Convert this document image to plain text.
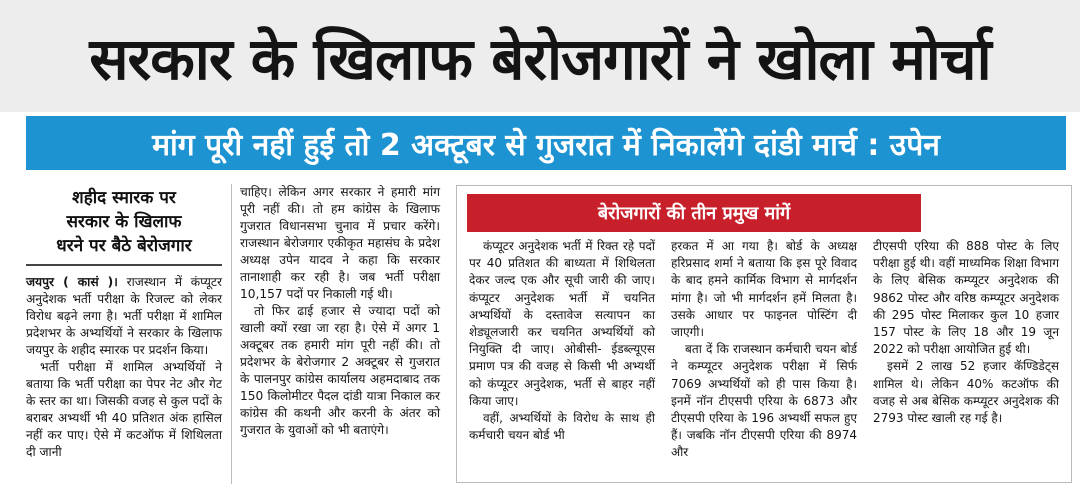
सरकार के खिलाफ बेरोजगारों ने खोला मोर्चा
मांग पूरी नहीं हुई तो 2 अक्टूबर से गुजरात में निकालेंगे दांडी मार्च : उपेन
शहीद स्मारक पर
सरकार के खिलाफ
धरने पर बैठे बेरोजगार

जयपुर ( कासं )। राजस्थान में कंप्यूटर अनुदेशक भर्ती परीक्षा के रिजल्ट को लेकर विरोध बढ़ने लगा है। भर्ती परीक्षा में शामिल प्रदेशभर के अभ्यर्थियों ने सरकार के खिलाफ जयपुर के शहीद स्मारक पर प्रदर्शन किया।

भर्ती परीक्षा में शामिल अभ्यर्थियों ने बताया कि भर्ती परीक्षा का पेपर नेट और गेट के स्तर का था। जिसकी वजह से कुल पदों के बराबर अभ्यर्थी भी 40 प्रतिशत अंक हासिल नहीं कर पाए। ऐसे में कटऑफ में शिथिलता दी जानी

चाहिए। लेकिन अगर सरकार ने हमारी मांग पूरी नहीं की। तो हम कांग्रेस के खिलाफ गुजरात विधानसभा चुनाव में प्रचार करेंगे। राजस्थान बेरोजगार एकीकृत महासंघ के प्रदेश अध्यक्ष उपेन यादव ने कहा कि सरकार तानाशाही कर रही है। जब भर्ती परीक्षा 10,157 पदों पर निकाली गई थी।

तो फिर ढाई हजार से ज्यादा पदों को खाली क्यों रखा जा रहा है। ऐसे में अगर 1 अक्टूबर तक हमारी मांग पूरी नहीं की। तो प्रदेशभर के बेरोजगार 2 अक्टूबर से गुजरात के पालनपुर कांग्रेस कार्यालय अहमदाबाद तक 150 किलोमीटर पैदल दांडी यात्रा निकाल कर कांग्रेस की कथनी और करनी के अंतर को गुजरात के युवाओं को भी बताएंगे।

बेरोजगारों की तीन प्रमुख मांगें

कंप्यूटर अनुदेशक भर्ती में रिक्त रहे पदों पर 40 प्रतिशत की बाध्यता में शिथिलता देकर जल्द एक और सूची जारी की जाए। कंप्यूटर अनुदेशक भर्ती में चयनित अभ्यर्थियों के दस्तावेज सत्यापन का शेड्यूलजारी कर चयनित अभ्यर्थियों को नियुक्ति दी जाए। ओबीसी- ईडब्ल्यूएस प्रमाण पत्र की वजह से किसी भी अभ्यर्थी को कंप्यूटर अनुदेशक, भर्ती से बाहर नहीं किया जाए।

वहीं, अभ्यर्थियों के विरोध के साथ ही कर्मचारी चयन बोर्ड भी

हरकत में आ गया है। बोर्ड के अध्यक्ष हरिप्रसाद शर्मा ने बताया कि इस पूरे विवाद के बाद हमने कार्मिक विभाग से मार्गदर्शन मांगा है। जो भी मार्गदर्शन हमें मिलता है। उसके आधार पर फाइनल पोस्टिंग दी जाएगी।

बता दें कि राजस्थान कर्मचारी चयन बोर्ड ने कम्प्यूटर अनुदेशक परीक्षा में सिर्फ 7069 अभ्यर्थियों को ही पास किया है। इनमें नॉन टीएसपी एरिया के 6873 और टीएसपी एरिया के 196 अभ्यर्थी सफल हुए हैं। जबकि नॉन टीएसपी एरिया की 8974 और

टीएसपी एरिया की 888 पोस्ट के लिए परीक्षा हुई थी। वहीं माध्यमिक शिक्षा विभाग के लिए बेसिक कम्प्यूटर अनुदेशक की 9862 पोस्ट और वरिष्ठ कम्प्यूटर अनुदेशक की 295 पोस्ट मिलाकर कुल 10 हजार 157 पोस्ट के लिए 18 और 19 जून 2022 को परीक्षा आयोजित हुई थी।

इसमें 2 लाख 52 हजार कॅण्डिडेट्स शामिल थे। लेकिन 40% कटऑफ की वजह से अब बेसिक कम्प्यूटर अनुदेशक की 2793 पोस्ट खाली रह गई है।
